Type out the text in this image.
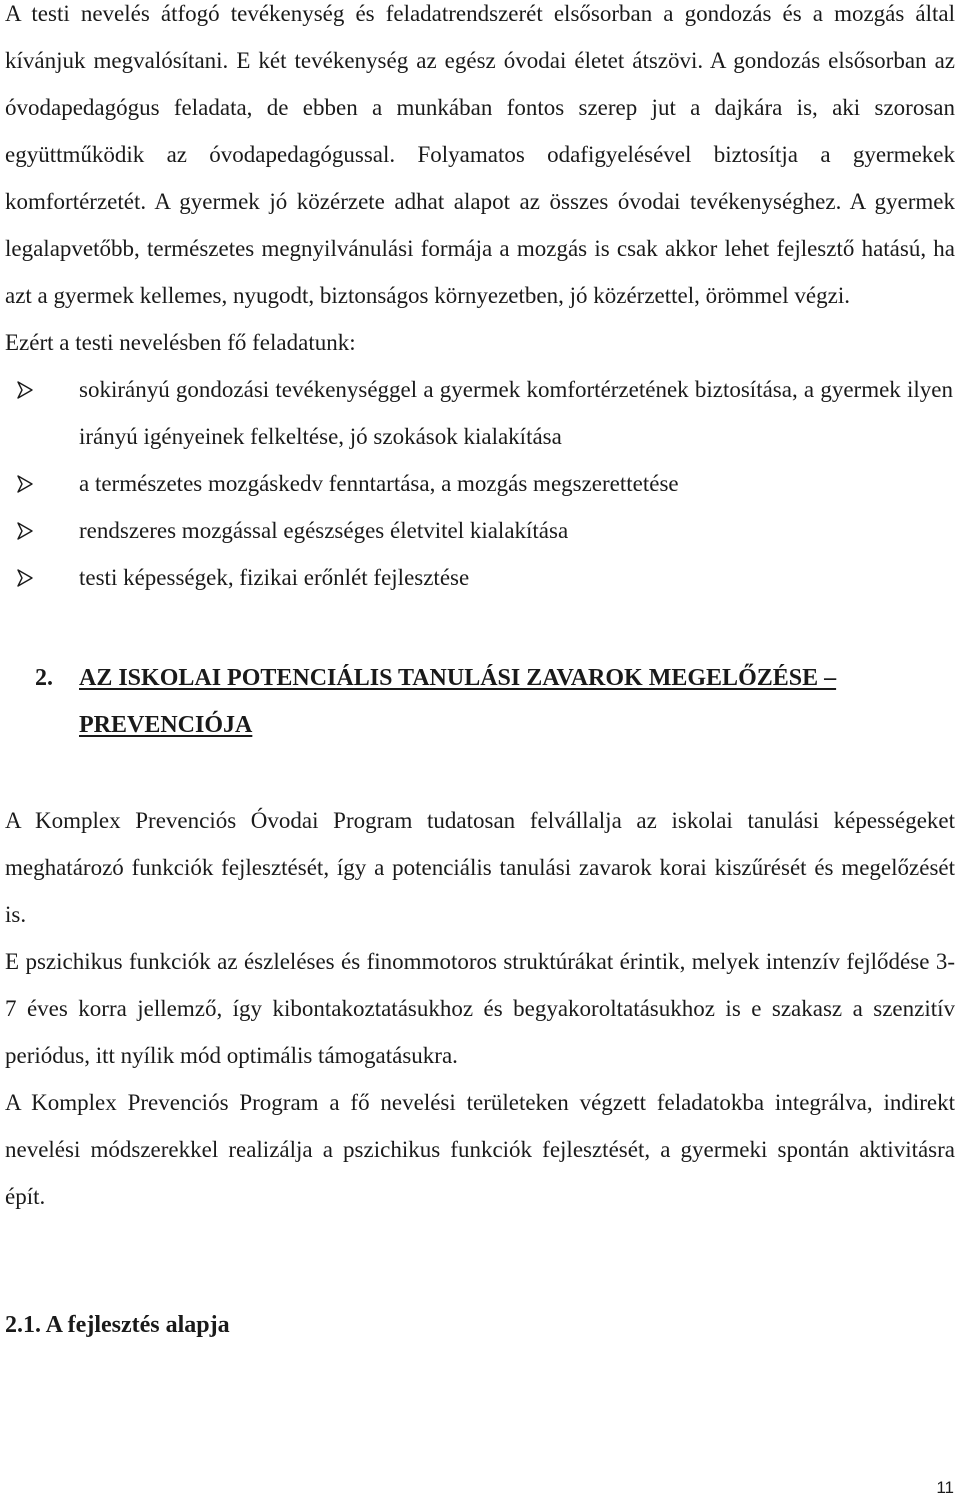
A testi nevelés átfogó tevékenység és feladatrendszerét elsősorban a gondozás és a mozgás által kívánjuk megvalósítani. E két tevékenység az egész óvodai életet átszövi. A gondozás elsősorban az óvodapedagógus feladata, de ebben a munkában fontos szerep jut a dajkára is, aki szorosan együttműködik az óvodapedagógussal. Folyamatos odafigyelésével biztosítja a gyermekek komfortérzetét. A gyermek jó közérzete adhat alapot az összes óvodai tevékenységhez. A gyermek legalapvetőbb, természetes megnyilvánulási formája a mozgás is csak akkor lehet fejlesztő hatású, ha azt a gyermek kellemes, nyugodt, biztonságos környezetben, jó közérzettel, örömmel végzi.

Ezért a testi nevelésben fő feladatunk:

sokirányú gondozási tevékenységgel a gyermek komfortérzetének biztosítása, a gyermek ilyen irányú igényeinek felkeltése, jó szokások kialakítása
a természetes mozgáskedv fenntartása, a mozgás megszerettetése
rendszeres mozgással egészséges életvitel kialakítása
testi képességek, fizikai erőnlét fejlesztése
2. AZ ISKOLAI POTENCIÁLIS TANULÁSI ZAVAROK MEGELŐZÉSE – PREVENCIÓJA

A Komplex Prevenciós Óvodai Program tudatosan felvállalja az iskolai tanulási képességeket meghatározó funkciók fejlesztését, így a potenciális tanulási zavarok korai kiszűrését és megelőzését is.

E pszichikus funkciók az észleléses és finommotoros struktúrákat érintik, melyek intenzív fejlődése 3-7 éves korra jellemző, így kibontakoztatásukhoz és begyakoroltatásukhoz is e szakasz a szenzitív periódus, itt nyílik mód optimális támogatásukra.

A Komplex Prevenciós Program a fő nevelési területeken végzett feladatokba integrálva, indirekt nevelési módszerekkel realizálja a pszichikus funkciók fejlesztését, a gyermeki spontán aktivitásra épít.

2.1. A fejlesztés alapja
11
